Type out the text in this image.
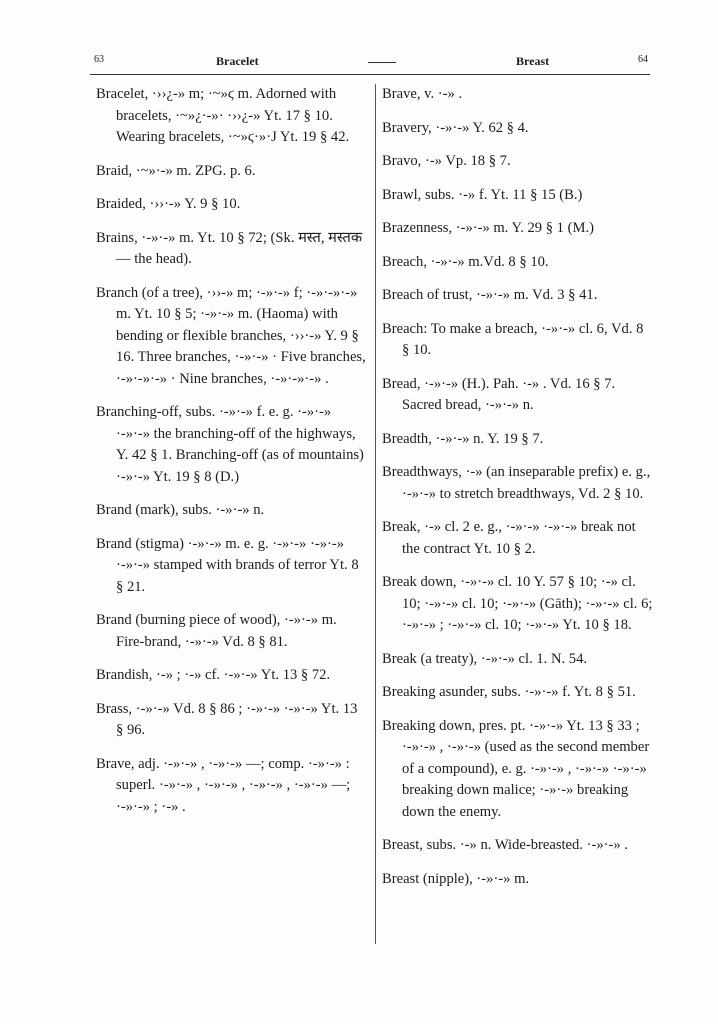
63	Bracelet	Breast	64

Bracelet, ·››¿-» m; ·~»ϛ m. Adorned with bracelets, ·~»¿·-»· ·››¿-» Yt. 17 § 10. Wearing bracelets, ·~»ϛ·»·J Yt. 19 § 42.

Braid, ·~»·-» m. ZPG. p. 6.

Braided, ·››·-» Y. 9 § 10.

Brains, ·-»·-» m. Yt. 10 § 72; (Sk. मस्त, मस्तक— the head).

Branch (of a tree), ·››-» m; ·-»·-» f; ·-»·-»·-» m. Yt. 10 § 5; ·-»·-» m. (Haoma) with bending or flexible branches, ·››·-» Y. 9 § 16. Three branches, ·-»·-» · Five branches, ·-»·-»·-» · Nine branches, ·-»·-»·-» .

Branching-off, subs. ·-»·-» f. e. g. ·-»·-» ·-»·-» the branching-off of the highways, Y. 42 § 1. Branching-off (as of mountains) ·-»·-» Yt. 19 § 8 (D.)

Brand (mark), subs. ·-»·-» n.

Brand (stigma) ·-»·-» m. e. g. ·-»·-» ·-»·-» ·-»·-» stamped with brands of terror Yt. 8 § 21.

Brand (burning piece of wood), ·-»·-» m. Fire-brand, ·-»·-» Vd. 8 § 81.

Brandish, ·-» ; ·-» cf. ·-»·-» Yt. 13 § 72.

Brass, ·-»·-» Vd. 8 § 86 ; ·-»·-» ·-»·-» Yt. 13 § 96.

Brave, adj. ·-»·-» , ·-»·-» —; comp. ·-»·-» : superl. ·-»·-» , ·-»·-» , ·-»·-» , ·-»·-» —; ·-»·-» ; ·-» .

Brave, v. ·-» .

Bravery, ·-»·-» Y. 62 § 4.

Bravo, ·-» Vp. 18 § 7.

Brawl, subs. ·-» f. Yt. 11 § 15 (B.)

Brazenness, ·-»·-» m. Y. 29 § 1 (M.)

Breach, ·-»·-» m.Vd. 8 § 10.

Breach of trust, ·-»·-» m. Vd. 3 § 41.

Breach: To make a breach, ·-»·-» cl. 6, Vd. 8 § 10.

Bread, ·-»·-» (H.). Pah. ·-» . Vd. 16 § 7. Sacred bread, ·-»·-» n.

Breadth, ·-»·-» n. Y. 19 § 7.

Breadthways, ·-» (an inseparable prefix) e. g., ·-»·-» to stretch breadthways, Vd. 2 § 10.

Break, ·-» cl. 2 e. g., ·-»·-» ·-»·-» break not the contract Yt. 10 § 2.

Break down, ·-»·-» cl. 10 Y. 57 § 10; ·-» cl. 10; ·-»·-» cl. 10; ·-»·-» (Gāth); ·-»·-» cl. 6; ·-»·-» ; ·-»·-» cl. 10; ·-»·-» Yt. 10 § 18.

Break (a treaty), ·-»·-» cl. 1. N. 54.

Breaking asunder, subs. ·-»·-» f. Yt. 8 § 51.

Breaking down, pres. pt. ·-»·-» Yt. 13 § 33 ; ·-»·-» , ·-»·-» (used as the second member of a compound), e. g. ·-»·-» , ·-»·-» ·-»·-» breaking down malice; ·-»·-» breaking down the enemy.

Breast, subs. ·-» n. Wide-breasted. ·-»·-» .

Breast (nipple), ·-»·-» m.
